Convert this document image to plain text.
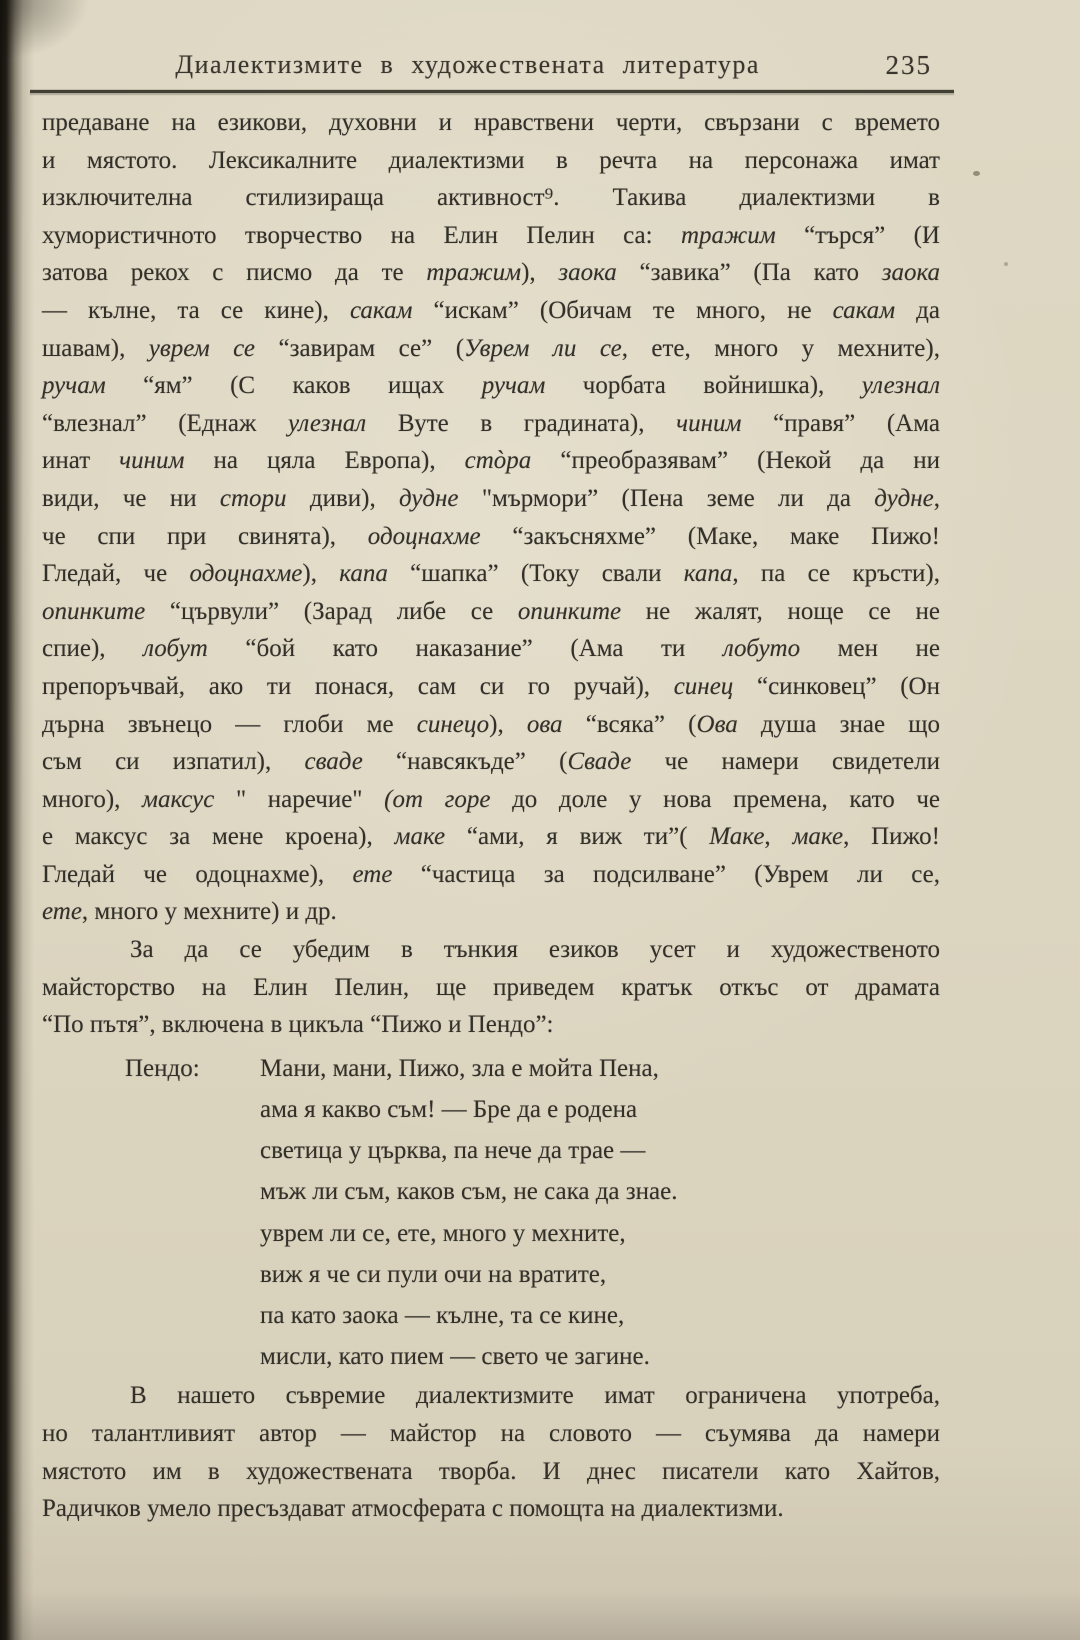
Диалектизмите в художествената литература	235
предаване на езикови, духовни и нравствени черти, свързани с времето
и мястото. Лексикалните диалектизми в речта на персонажа имат
изключителна стилизираща активност⁹. Такива диалектизми в
хумористичното творчество на Елин Пелин са: тражим “търся” (И
затова рекох с писмо да те тражим), заока “завика” (Па като заока
— кълне, та се кине), сакам “искам” (Обичам те много, не сакам да
шавам), уврем се “завирам се” (Уврем ли се, ете, много у мехните),
ручам “ям” (С каков ищах ручам чорбата войнишка), улезнал
“влезнал” (Еднаж улезнал Вуте в градината), чиним “правя” (Ама
инат чиним на цяла Европа), стòра “преобразявам” (Некой да ни
види, че ни стори диви), дудне "мърмори” (Пена земе ли да дудне,
че спи при свинята), одоцнахме “закъсняхме” (Маке, маке Пижо!
Гледай, че одоцнахме), капа “шапка” (Току свали капа, па се кръсти),
опинките “цървули” (Зарад либе се опинките не жалят, ноще се не
спие), лобут “бой като наказание” (Ама ти лобуто мен не
препоръчвай, ако ти понася, сам си го ручай), синец “синковец” (Он
дърна звънецо — глоби ме синецо), ова “всяка” (Ова душа знае що
съм си изпатил), сваде “навсякъде” (Сваде че намери свидетели
много), максус " наречие" (от горе до доле у нова премена, като че
е максус за мене кроена), маке “ами, я виж ти”( Маке, маке, Пижо!
Гледай че одоцнахме), ете “частица за подсилване” (Уврем ли се,
ете, много у мехните) и др.
За да се убедим в тънкия езиков усет и художественото
майсторство на Елин Пелин, ще приведем кратък откъс от драмата
“По пътя”, включена в цикъла “Пижо и Пендо”:
Пендо: Мани, мани, Пижо, зла е мойта Пена,
ама я какво съм! — Бре да е родена
светица у църква, па нече да трае —
мъж ли съм, каков съм, не сака да знае.
уврем ли се, ете, много у мехните,
виж я че си пули очи на вратите,
па като заока — кълне, та се кине,
мисли, като пием — свето че загине.
В нашето съвремие диалектизмите имат ограничена употреба,
но талантливият автор — майстор на словото — съумява да намери
мястото им в художествената творба. И днес писатели като Хайтов,
Радичков умело пресъздават атмосферата с помощта на диалектизми.
